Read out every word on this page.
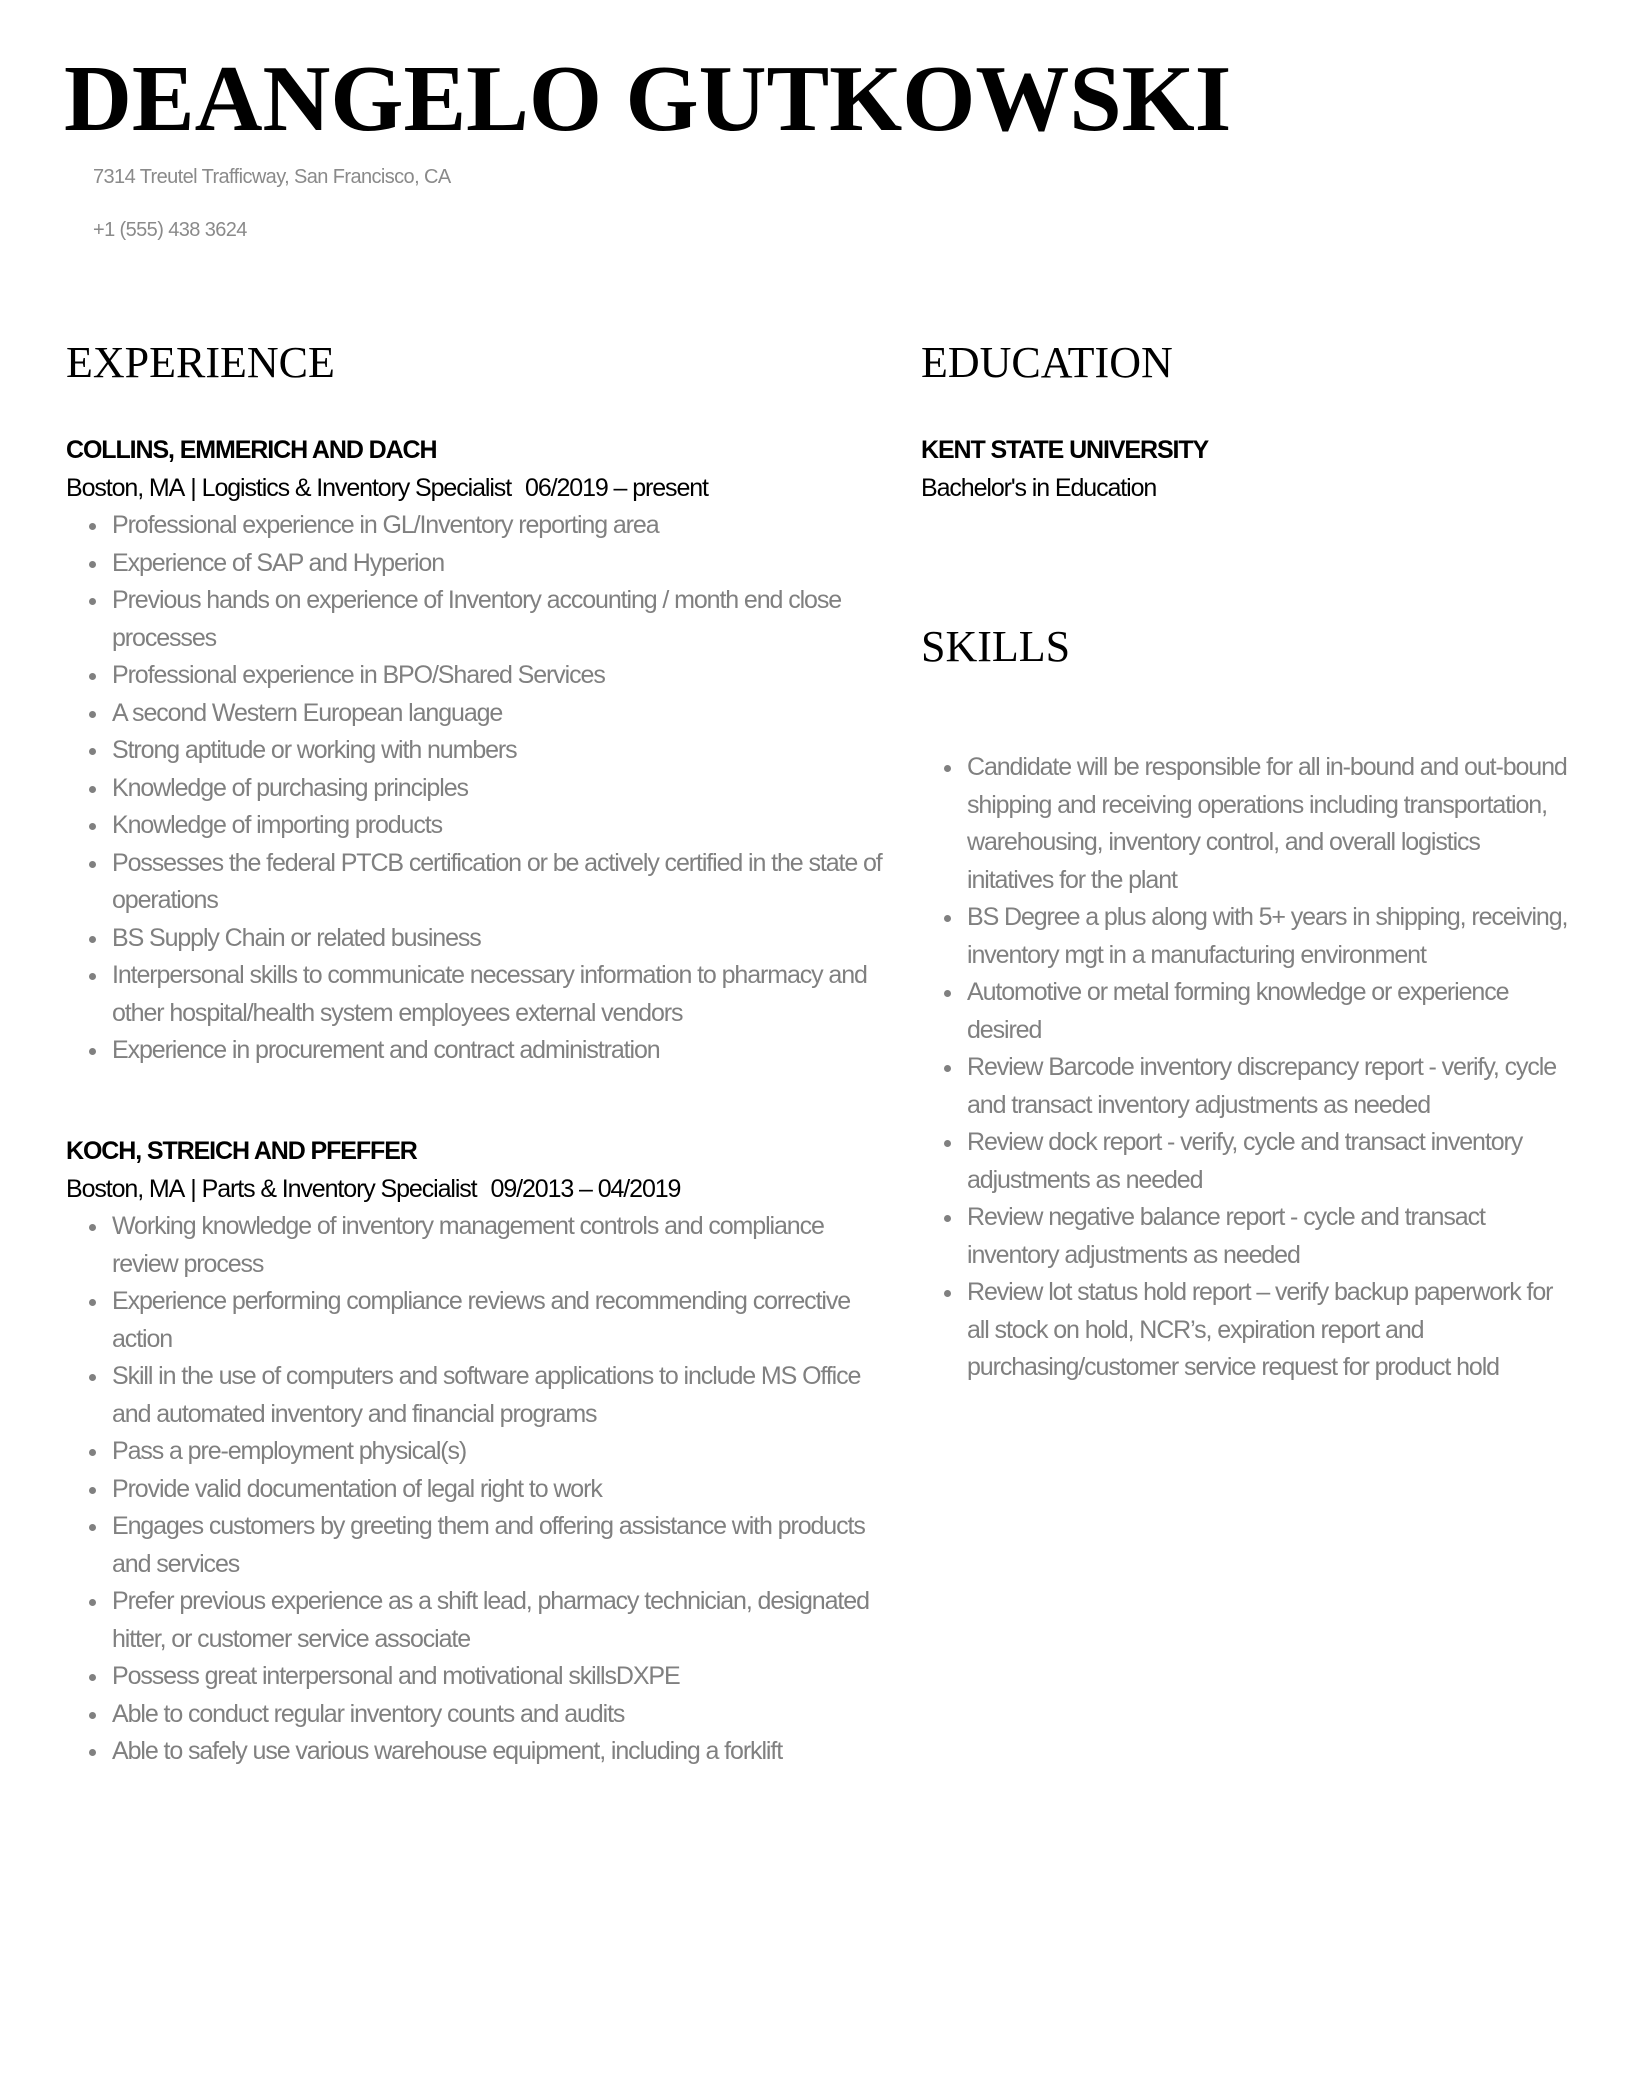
DEANGELO GUTKOWSKI
7314 Treutel Trafficway, San Francisco, CA
+1 (555) 438 3624
EXPERIENCE
COLLINS, EMMERICH AND DACH
Boston, MA | Logistics & Inventory Specialist 06/2019 – present
Professional experience in GL/Inventory reporting area
Experience of SAP and Hyperion
Previous hands on experience of Inventory accounting / month end close processes
Professional experience in BPO/Shared Services
A second Western European language
Strong aptitude or working with numbers
Knowledge of purchasing principles
Knowledge of importing products
Possesses the federal PTCB certification or be actively certified in the state of operations
BS Supply Chain or related business
Interpersonal skills to communicate necessary information to pharmacy and other hospital/health system employees external vendors
Experience in procurement and contract administration
KOCH, STREICH AND PFEFFER
Boston, MA | Parts & Inventory Specialist 09/2013 – 04/2019
Working knowledge of inventory management controls and compliance review process
Experience performing compliance reviews and recommending corrective action
Skill in the use of computers and software applications to include MS Office and automated inventory and financial programs
Pass a pre-employment physical(s)
Provide valid documentation of legal right to work
Engages customers by greeting them and offering assistance with products and services
Prefer previous experience as a shift lead, pharmacy technician, designated hitter, or customer service associate
Possess great interpersonal and motivational skillsDXPE
Able to conduct regular inventory counts and audits
Able to safely use various warehouse equipment, including a forklift
EDUCATION
KENT STATE UNIVERSITY
Bachelor's in Education
SKILLS
Candidate will be responsible for all in-bound and out-bound shipping and receiving operations including transportation, warehousing, inventory control, and overall logistics initatives for the plant
BS Degree a plus along with 5+ years in shipping, receiving, inventory mgt in a manufacturing environment
Automotive or metal forming knowledge or experience desired
Review Barcode inventory discrepancy report - verify, cycle and transact inventory adjustments as needed
Review dock report - verify, cycle and transact inventory adjustments as needed
Review negative balance report - cycle and transact inventory adjustments as needed
Review lot status hold report – verify backup paperwork for all stock on hold, NCR’s, expiration report and purchasing/customer service request for product hold
